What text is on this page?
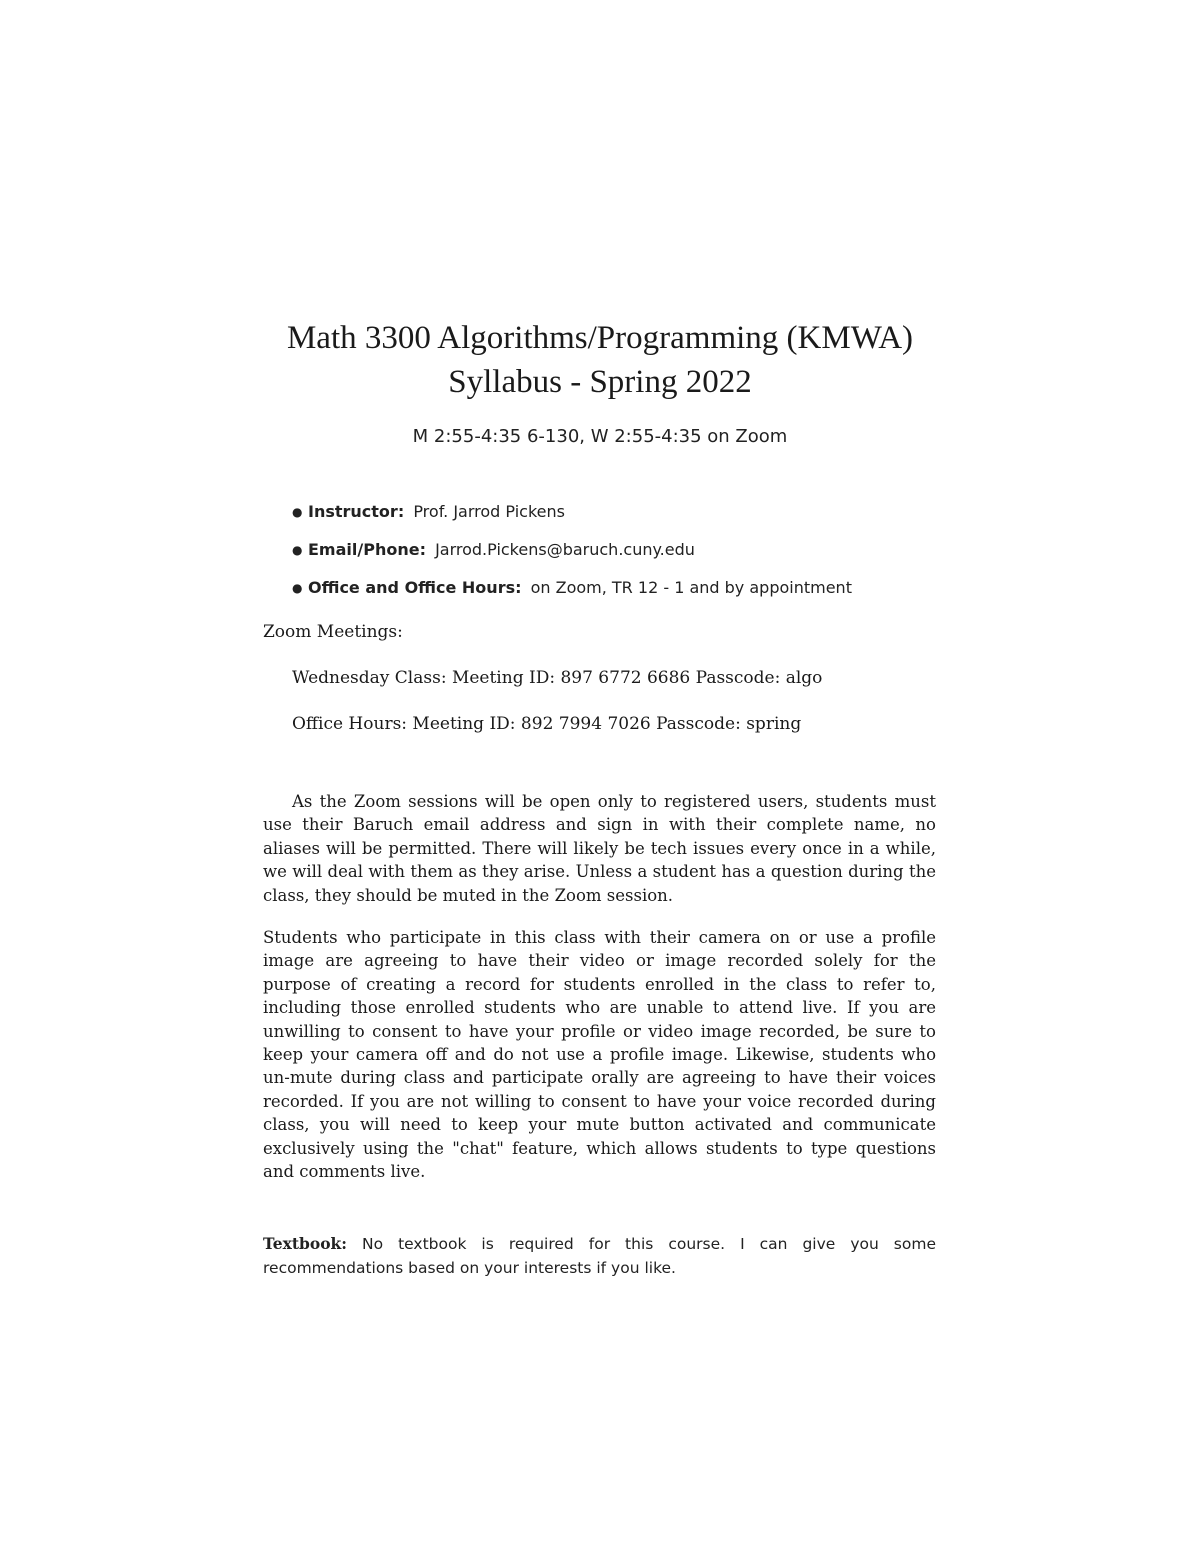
Math 3300 Algorithms/Programming (KMWA)
Syllabus - Spring 2022
M 2:55-4:35 6-130, W 2:55-4:35 on Zoom
● Instructor: Prof. Jarrod Pickens
● Email/Phone: Jarrod.Pickens@baruch.cuny.edu
● Office and Office Hours: on Zoom, TR 12 - 1 and by appointment
Zoom Meetings:
Wednesday Class: Meeting ID: 897 6772 6686 Passcode: algo
Office Hours: Meeting ID: 892 7994 7026 Passcode: spring

As the Zoom sessions will be open only to registered users, students must use their Baruch email address and sign in with their complete name, no aliases will be permitted. There will likely be tech issues every once in a while, we will deal with them as they arise. Unless a student has a question during the class, they should be muted in the Zoom session.

Students who participate in this class with their camera on or use a profile image are agreeing to have their video or image recorded solely for the purpose of creating a record for students enrolled in the class to refer to, including those enrolled students who are unable to attend live. If you are unwilling to consent to have your profile or video image recorded, be sure to keep your camera off and do not use a profile image. Likewise, students who un-mute during class and participate orally are agreeing to have their voices recorded. If you are not willing to consent to have your voice recorded during class, you will need to keep your mute button activated and communicate exclusively using the "chat" feature, which allows students to type questions and comments live.

Textbook: No textbook is required for this course. I can give you some recommendations based on your interests if you like.
